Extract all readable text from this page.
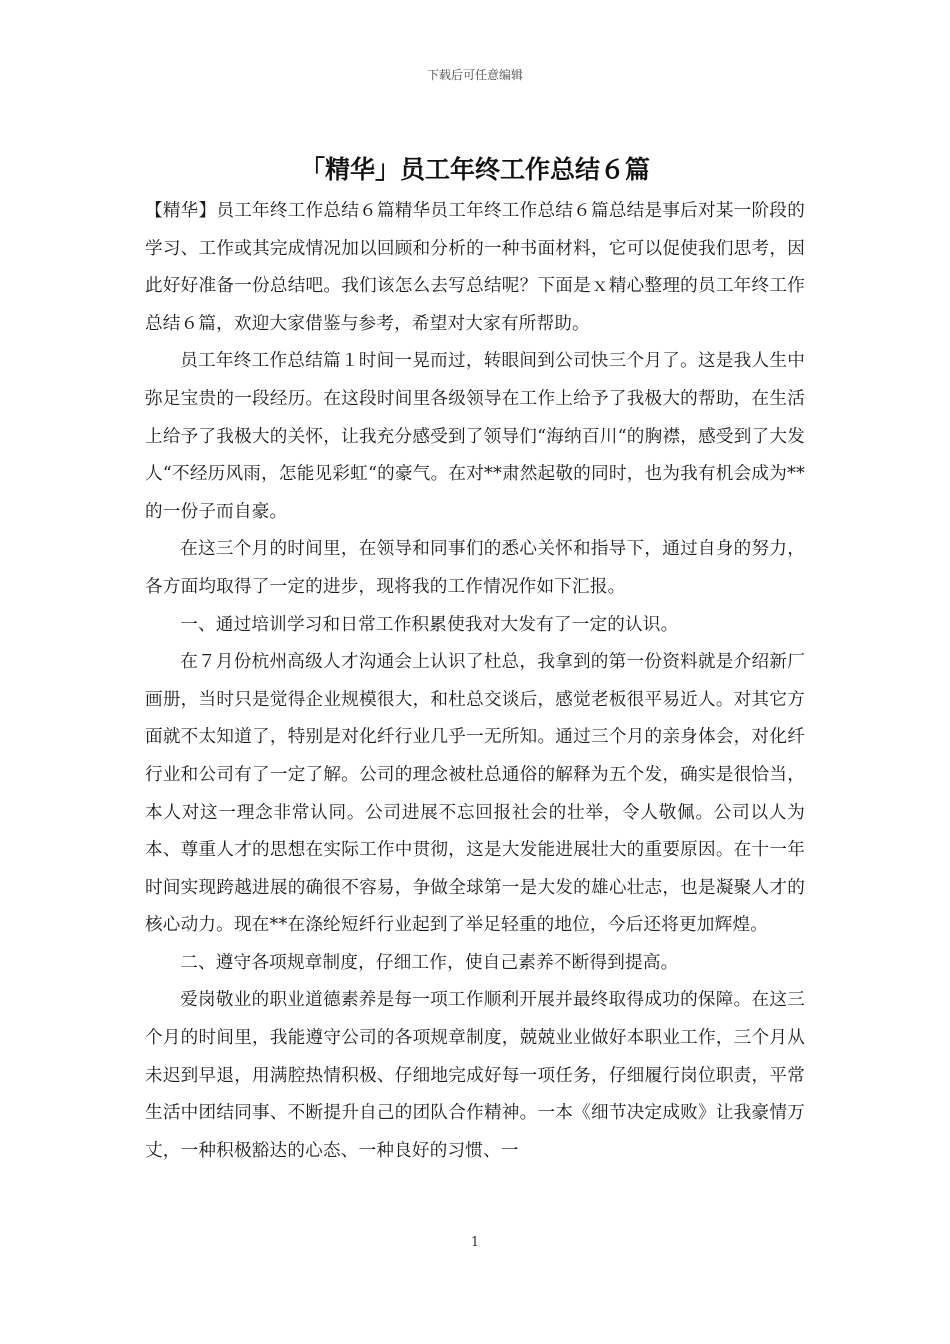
下载后可任意编辑
「精华」员工年终工作总结６篇

【精华】员工年终工作总结６篇精华员工年终工作总结６篇总结是事后对某一阶段的学习、工作或其完成情况加以回顾和分析的一种书面材料，它可以促使我们思考，因此好好准备一份总结吧。我们该怎么去写总结呢？下面是ｘ精心整理的员工年终工作总结６篇，欢迎大家借鉴与参考，希望对大家有所帮助。

员工年终工作总结篇１时间一晃而过，转眼间到公司快三个月了。这是我人生中弥足宝贵的一段经历。在这段时间里各级领导在工作上给予了我极大的帮助，在生活上给予了我极大的关怀，让我充分感受到了领导们“海纳百川“的胸襟，感受到了大发人“不经历风雨，怎能见彩虹“的豪气。在对**肃然起敬的同时，也为我有机会成为**的一份子而自豪。

在这三个月的时间里，在领导和同事们的悉心关怀和指导下，通过自身的努力，各方面均取得了一定的进步，现将我的工作情况作如下汇报。

一、通过培训学习和日常工作积累使我对大发有了一定的认识。

在７月份杭州高级人才沟通会上认识了杜总，我拿到的第一份资料就是介绍新厂画册，当时只是觉得企业规模很大，和杜总交谈后，感觉老板很平易近人。对其它方面就不太知道了，特别是对化纤行业几乎一无所知。通过三个月的亲身体会，对化纤行业和公司有了一定了解。公司的理念被杜总通俗的解释为五个发，确实是很恰当，本人对这一理念非常认同。公司进展不忘回报社会的壮举，令人敬佩。公司以人为本、尊重人才的思想在实际工作中贯彻，这是大发能进展壮大的重要原因。在十一年时间实现跨越进展的确很不容易，争做全球第一是大发的雄心壮志，也是凝聚人才的核心动力。现在**在涤纶短纤行业起到了举足轻重的地位，今后还将更加辉煌。

二、遵守各项规章制度，仔细工作，使自己素养不断得到提高。

爱岗敬业的职业道德素养是每一项工作顺利开展并最终取得成功的保障。在这三个月的时间里，我能遵守公司的各项规章制度，兢兢业业做好本职业工作，三个月从未迟到早退，用满腔热情积极、仔细地完成好每一项任务，仔细履行岗位职责，平常生活中团结同事、不断提升自己的团队合作精神。一本《细节决定成败》让我豪情万丈，一种积极豁达的心态、一种良好的习惯、一

1
